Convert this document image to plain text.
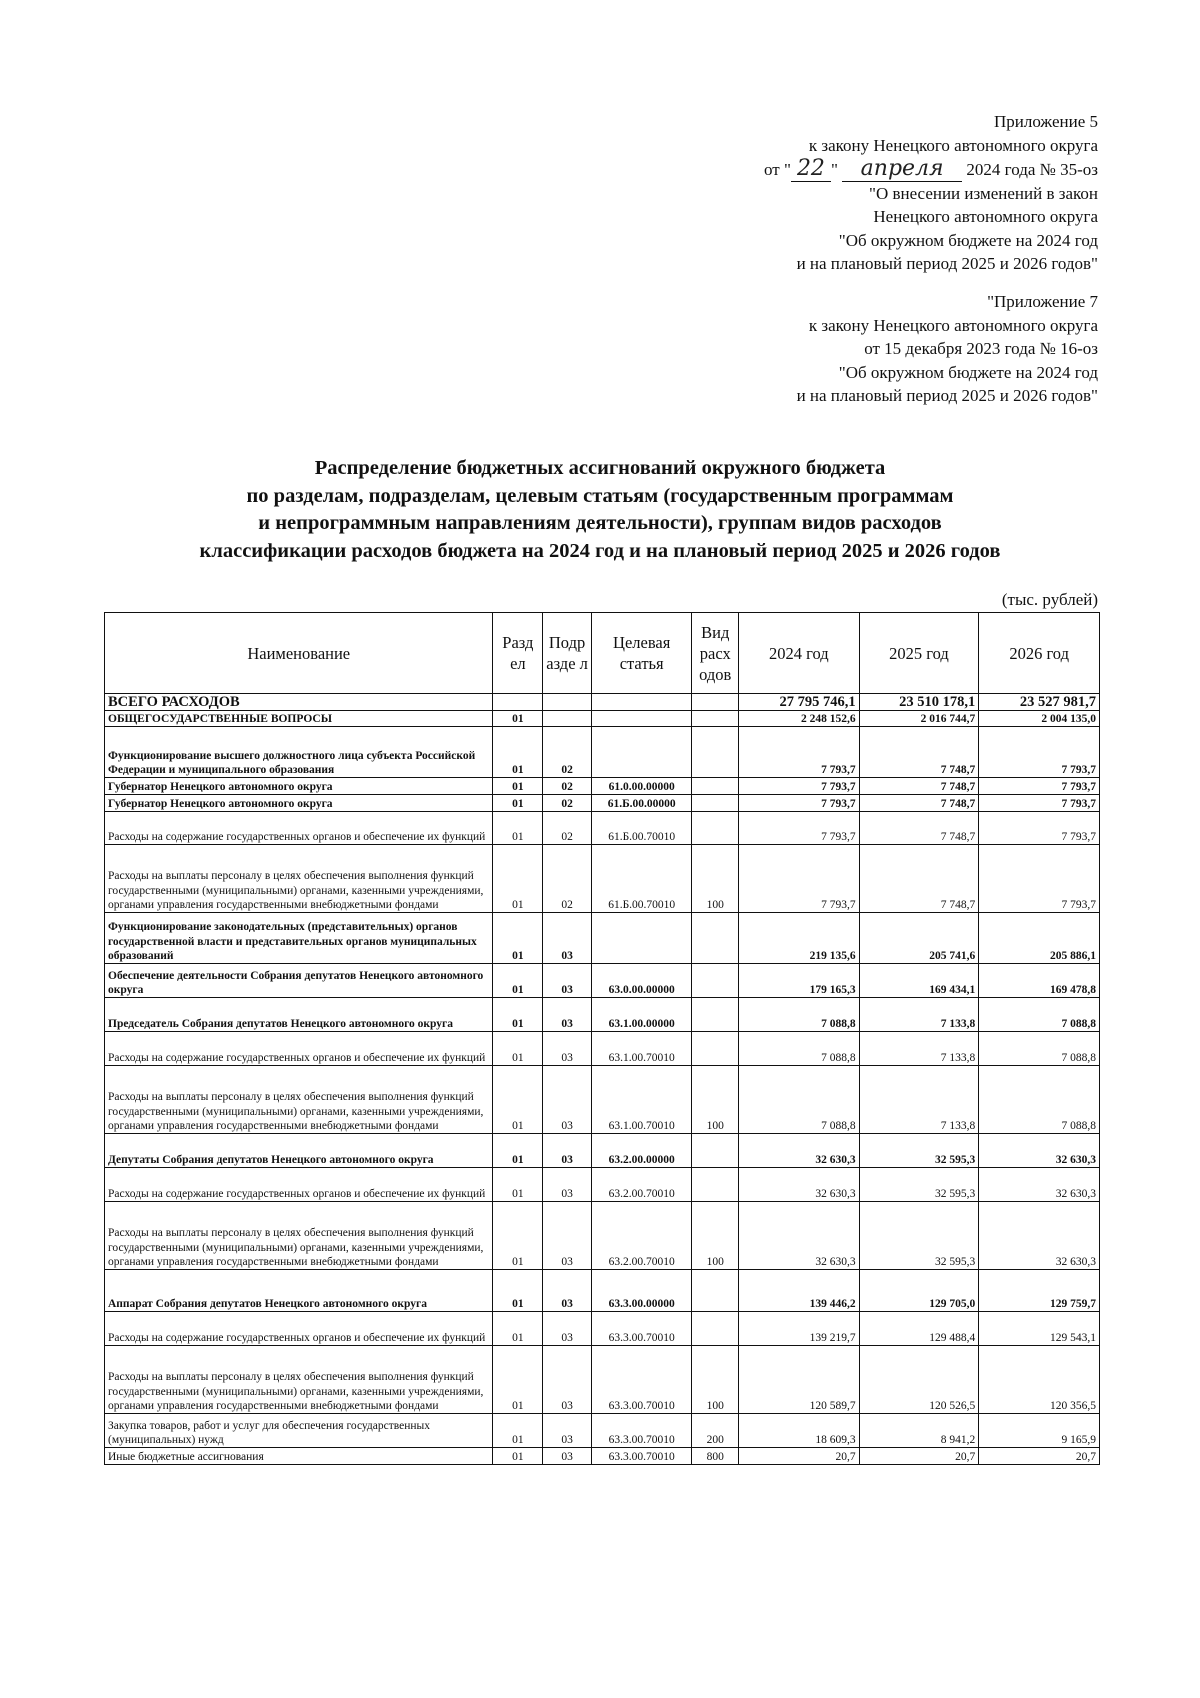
Приложение 5
к закону Ненецкого автономного округа
от " 22 " апреля 2024 года № 35-оз
"О внесении изменений в закон
Ненецкого автономного округа
"Об окружном бюджете на 2024 год
и на плановый период 2025 и 2026 годов"
"Приложение 7
к закону Ненецкого автономного округа
от 15 декабря 2023 года № 16-оз
"Об окружном бюджете на 2024 год
и на плановый период 2025 и 2026 годов"
Распределение бюджетных ассигнований окружного бюджета
по разделам, подразделам, целевым статьям (государственным программам
и непрограммным направлениям деятельности), группам видов расходов
классификации расходов бюджета на 2024 год и на плановый период 2025 и 2026 годов
(тыс. рублей)
Наименование	Разд ел	Подр азде л	Целевая статья	Вид расх одов	2024 год	2025 год	2026 год
ВСЕГО РАСХОДОВ					27 795 746,1	23 510 178,1	23 527 981,7
ОБЩЕГОСУДАРСТВЕННЫЕ ВОПРОСЫ	01				2 248 152,6	2 016 744,7	2 004 135,0
Функционирование высшего должностного лица субъекта Российской Федерации и муниципального образования	01	02			7 793,7	7 748,7	7 793,7
Губернатор Ненецкого автономного округа	01	02	61.0.00.00000		7 793,7	7 748,7	7 793,7
Губернатор Ненецкого автономного округа	01	02	61.Б.00.00000		7 793,7	7 748,7	7 793,7
Расходы на содержание государственных органов и обеспечение их функций	01	02	61.Б.00.70010		7 793,7	7 748,7	7 793,7
Расходы на выплаты персоналу в целях обеспечения выполнения функций государственными (муниципальными) органами, казенными учреждениями, органами управления государственными внебюджетными фондами	01	02	61.Б.00.70010	100	7 793,7	7 748,7	7 793,7
Функционирование законодательных (представительных) органов государственной власти и представительных органов муниципальных образований	01	03			219 135,6	205 741,6	205 886,1
Обеспечение деятельности Собрания депутатов Ненецкого автономного округа	01	03	63.0.00.00000		179 165,3	169 434,1	169 478,8
Председатель Собрания депутатов Ненецкого автономного округа	01	03	63.1.00.00000		7 088,8	7 133,8	7 088,8
Расходы на содержание государственных органов и обеспечение их функций	01	03	63.1.00.70010		7 088,8	7 133,8	7 088,8
Расходы на выплаты персоналу в целях обеспечения выполнения функций государственными (муниципальными) органами, казенными учреждениями, органами управления государственными внебюджетными фондами	01	03	63.1.00.70010	100	7 088,8	7 133,8	7 088,8
Депутаты Собрания депутатов Ненецкого автономного округа	01	03	63.2.00.00000		32 630,3	32 595,3	32 630,3
Расходы на содержание государственных органов и обеспечение их функций	01	03	63.2.00.70010		32 630,3	32 595,3	32 630,3
Расходы на выплаты персоналу в целях обеспечения выполнения функций государственными (муниципальными) органами, казенными учреждениями, органами управления государственными внебюджетными фондами	01	03	63.2.00.70010	100	32 630,3	32 595,3	32 630,3
Аппарат Собрания депутатов Ненецкого автономного округа	01	03	63.3.00.00000		139 446,2	129 705,0	129 759,7
Расходы на содержание государственных органов и обеспечение их функций	01	03	63.3.00.70010		139 219,7	129 488,4	129 543,1
Расходы на выплаты персоналу в целях обеспечения выполнения функций государственными (муниципальными) органами, казенными учреждениями, органами управления государственными внебюджетными фондами	01	03	63.3.00.70010	100	120 589,7	120 526,5	120 356,5
Закупка товаров, работ и услуг для обеспечения государственных (муниципальных) нужд	01	03	63.3.00.70010	200	18 609,3	8 941,2	9 165,9
Иные бюджетные ассигнования	01	03	63.3.00.70010	800	20,7	20,7	20,7
